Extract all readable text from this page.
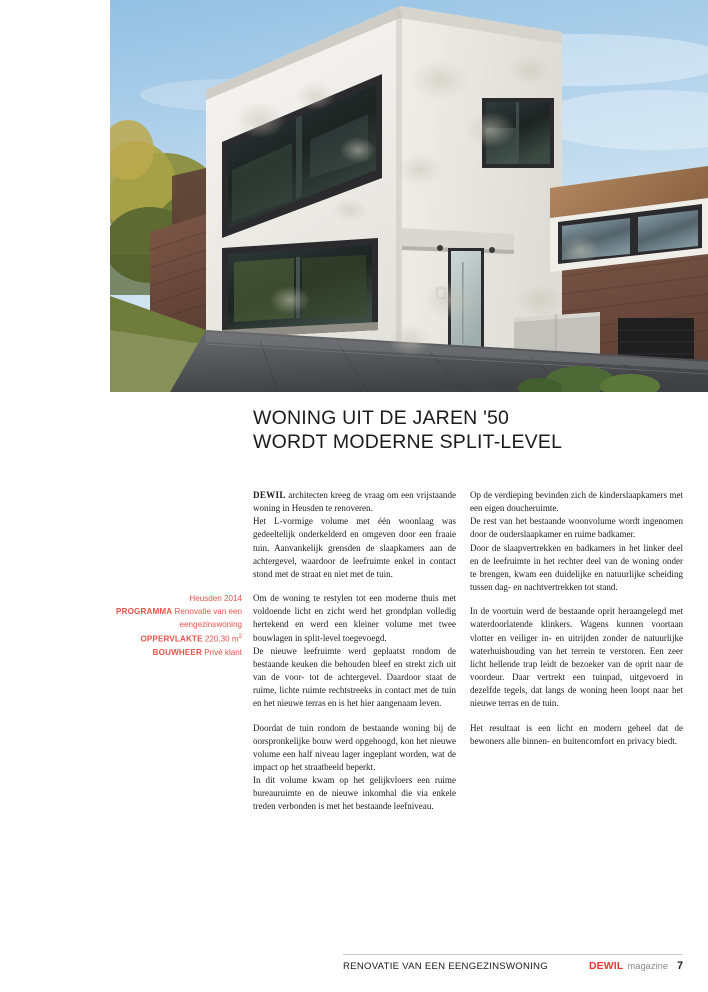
WONING UIT DE JAREN '50
WORDT MODERNE SPLIT-LEVEL
Heusden 2014
PROGRAMMA Renovatie van een eengezinswoning
OPPERVLAKTE 220,30 $m^2$
BOUWHEER Privé klant

DEWIL architecten kreeg de vraag om een vrijstaande woning in Heusden te renoveren.

Het L-vormige volume met één woonlaag was gedeeltelijk onderkelderd en omgeven door een fraaie tuin. Aanvankelijk grensden de slaapkamers aan de achtergevel, waardoor de leefruimte enkel in contact stond met de straat en niet met de tuin.

Om de woning te restylen tot een moderne thuis met voldoende licht en zicht werd het grondplan volledig hertekend en werd een kleiner volume met twee bouwlagen in split-level toegevoegd.

De nieuwe leefruimte werd geplaatst rondom de bestaande keuken die behouden bleef en strekt zich uit van de voor- tot de achtergevel. Daardoor staat de ruime, lichte ruimte rechtstreeks in contact met de tuin en het nieuwe terras en is het hier aangenaam leven.

Doordat de tuin rondom de bestaande woning bij de oorspronkelijke bouw werd opgehoogd, kon het nieuwe volume een half niveau lager ingeplant worden, wat de impact op het straatbeeld beperkt.

In dit volume kwam op het gelijkvloers een ruime bureauruimte en de nieuwe inkomhal die via enkele treden verbonden is met het bestaande leefniveau.

Op de verdieping bevinden zich de kinderslaapkamers met een eigen doucheruimte.

De rest van het bestaande woonvolume wordt ingenomen door de ouderslaapkamer en ruime badkamer.

Door de slaapvertrekken en badkamers in het linker deel en de leefruimte in het rechter deel van de woning onder te brengen, kwam een duidelijke en natuurlijke scheiding tussen dag- en nachtvertrekken tot stand.

In de voortuin werd de bestaande oprit heraangelegd met waterdoorlatende klinkers. Wagens kunnen voortaan vlotter en veiliger in- en uitrijden zonder de natuurlijke waterhuishouding van het terrein te verstoren. Een zeer licht hellende trap leidt de bezoeker van de oprit naar de voordeur. Daar vertrekt een tuinpad, uitgevoerd in dezelfde tegels, dat langs de woning heen loopt naar het nieuwe terras en de tuin.

Het resultaat is een licht en modern geheel dat de bewoners alle binnen- en buitencomfort en privacy biedt.

RENOVATIE VAN EEN EENGEZINSWONING	DEWIL magazine 7
